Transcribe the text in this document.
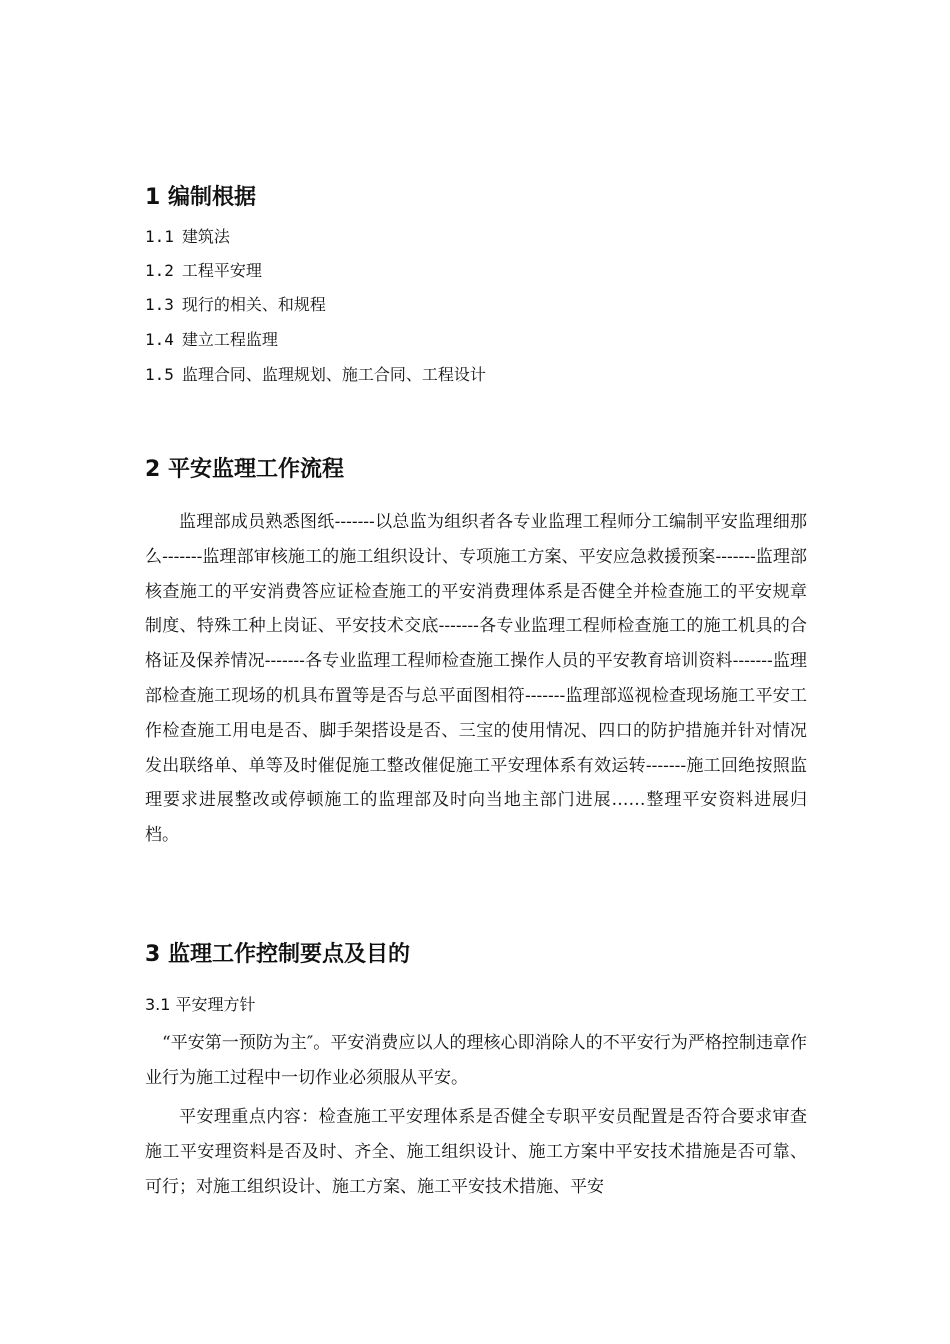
1 编制根据
1.1 建筑法
1.2 工程平安理
1.3 现行的相关、和规程
1.4 建立工程监理
1.5 监理合同、监理规划、施工合同、工程设计
2 平安监理工作流程

监理部成员熟悉图纸-------以总监为组织者各专业监理工程师分工编制平安监理细那么-------监理部审核施工的施工组织设计、专项施工方案、平安应急救援预案-------监理部核查施工的平安消费答应证检查施工的平安消费理体系是否健全并检查施工的平安规章制度、特殊工种上岗证、平安技术交底-------各专业监理工程师检查施工的施工机具的合格证及保养情况-------各专业监理工程师检查施工操作人员的平安教育培训资料-------监理部检查施工现场的机具布置等是否与总平面图相符-------监理部巡视检查现场施工平安工作检查施工用电是否、脚手架搭设是否、三宝的使用情况、四口的防护措施并针对情况发出联络单、单等及时催促施工整改催促施工平安理体系有效运转-------施工回绝按照监理要求进展整改或停顿施工的监理部及时向当地主部门进展……整理平安资料进展归档。

3 监理工作控制要点及目的
3.1 平安理方针

“平安第一预防为主″。平安消费应以人的理核心即消除人的不平安行为严格控制违章作业行为施工过程中一切作业必须服从平安。

平安理重点内容：检查施工平安理体系是否健全专职平安员配置是否符合要求审查施工平安理资料是否及时、齐全、施工组织设计、施工方案中平安技术措施是否可靠、可行；对施工组织设计、施工方案、施工平安技术措施、平安
